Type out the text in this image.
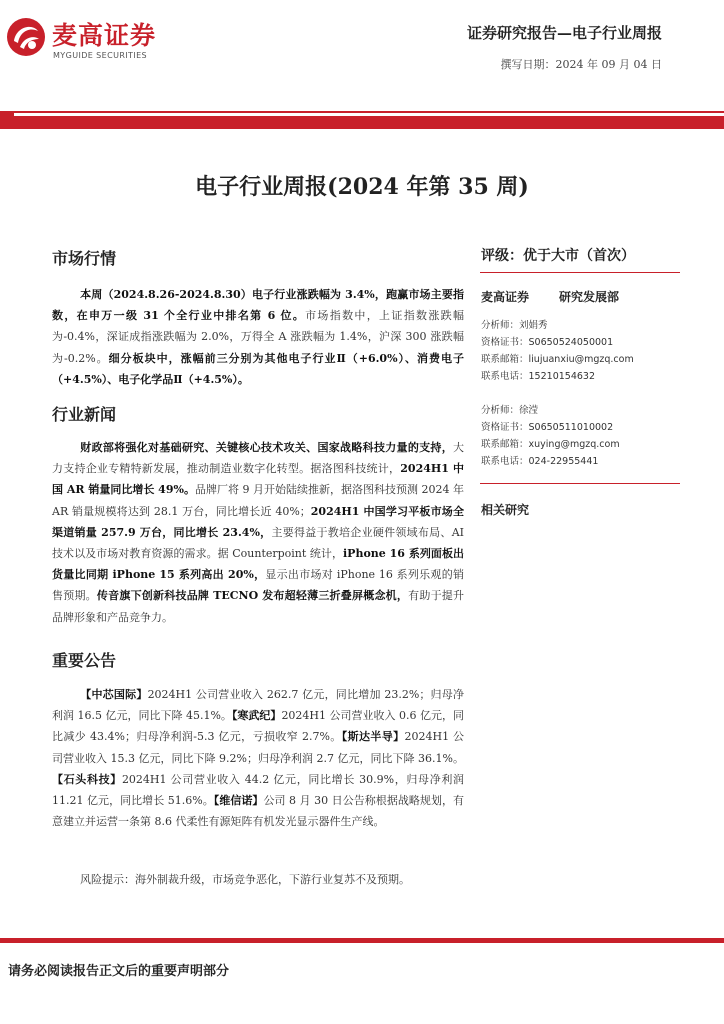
麦高证券
MYGUIDE SECURITIES
证券研究报告—电子行业周报
撰写日期：2024 年 09 月 04 日
电子行业周报(2024 年第 35 周)
市场行情
本周（2024.8.26-2024.8.30）电子行业涨跌幅为 3.4%，跑赢市场主要指数，在申万一级 31 个全行业中排名第 6 位。市场指数中，上证指数涨跌幅为-0.4%，深证成指涨跌幅为 2.0%，万得全 A 涨跌幅为 1.4%，沪深 300 涨跌幅为-0.2%。细分板块中，涨幅前三分别为其他电子行业Ⅱ（+6.0%）、消费电子（+4.5%）、电子化学品Ⅱ（+4.5%）。
行业新闻
财政部将强化对基础研究、关键核心技术攻关、国家战略科技力量的支持，大力支持企业专精特新发展，推动制造业数字化转型。据洛图科技统计，2024H1 中国 AR 销量同比增长 49%。品牌厂将 9 月开始陆续推新，据洛图科技预测 2024 年 AR 销量规模将达到 28.1 万台，同比增长近 40%；2024H1 中国学习平板市场全渠道销量 257.9 万台，同比增长 23.4%，主要得益于教培企业硬件领域布局、AI 技术以及市场对教育资源的需求。据 Counterpoint 统计，iPhone 16 系列面板出货量比同期 iPhone 15 系列高出 20%，显示出市场对 iPhone 16 系列乐观的销售预期。传音旗下创新科技品牌 TECNO 发布超轻薄三折叠屏概念机，有助于提升品牌形象和产品竞争力。
重要公告
【中芯国际】2024H1 公司营业收入 262.7 亿元，同比增加 23.2%；归母净利润 16.5 亿元，同比下降 45.1%。【寒武纪】2024H1 公司营业收入 0.6 亿元，同比减少 43.4%；归母净利润-5.3 亿元，亏损收窄 2.7%。【斯达半导】2024H1 公司营业收入 15.3 亿元，同比下降 9.2%；归母净利润 2.7 亿元，同比下降 36.1%。【石头科技】2024H1 公司营业收入 44.2 亿元，同比增长 30.9%，归母净利润 11.21 亿元，同比增长 51.6%。【维信诺】公司 8 月 30 日公告称根据战略规划，有意建立并运营一条第 8.6 代柔性有源矩阵有机发光显示器件生产线。
风险提示：海外制裁升级，市场竞争恶化，下游行业复苏不及预期。
评级：优于大市（首次）
麦高证券	研究发展部
分析师：刘娟秀
资格证书：S0650524050001
联系邮箱：liujuanxiu@mgzq.com
联系电话：15210154632
分析师：徐滢
资格证书：S0650511010002
联系邮箱：xuying@mgzq.com
联系电话：024-22955441
相关研究
请务必阅读报告正文后的重要声明部分
